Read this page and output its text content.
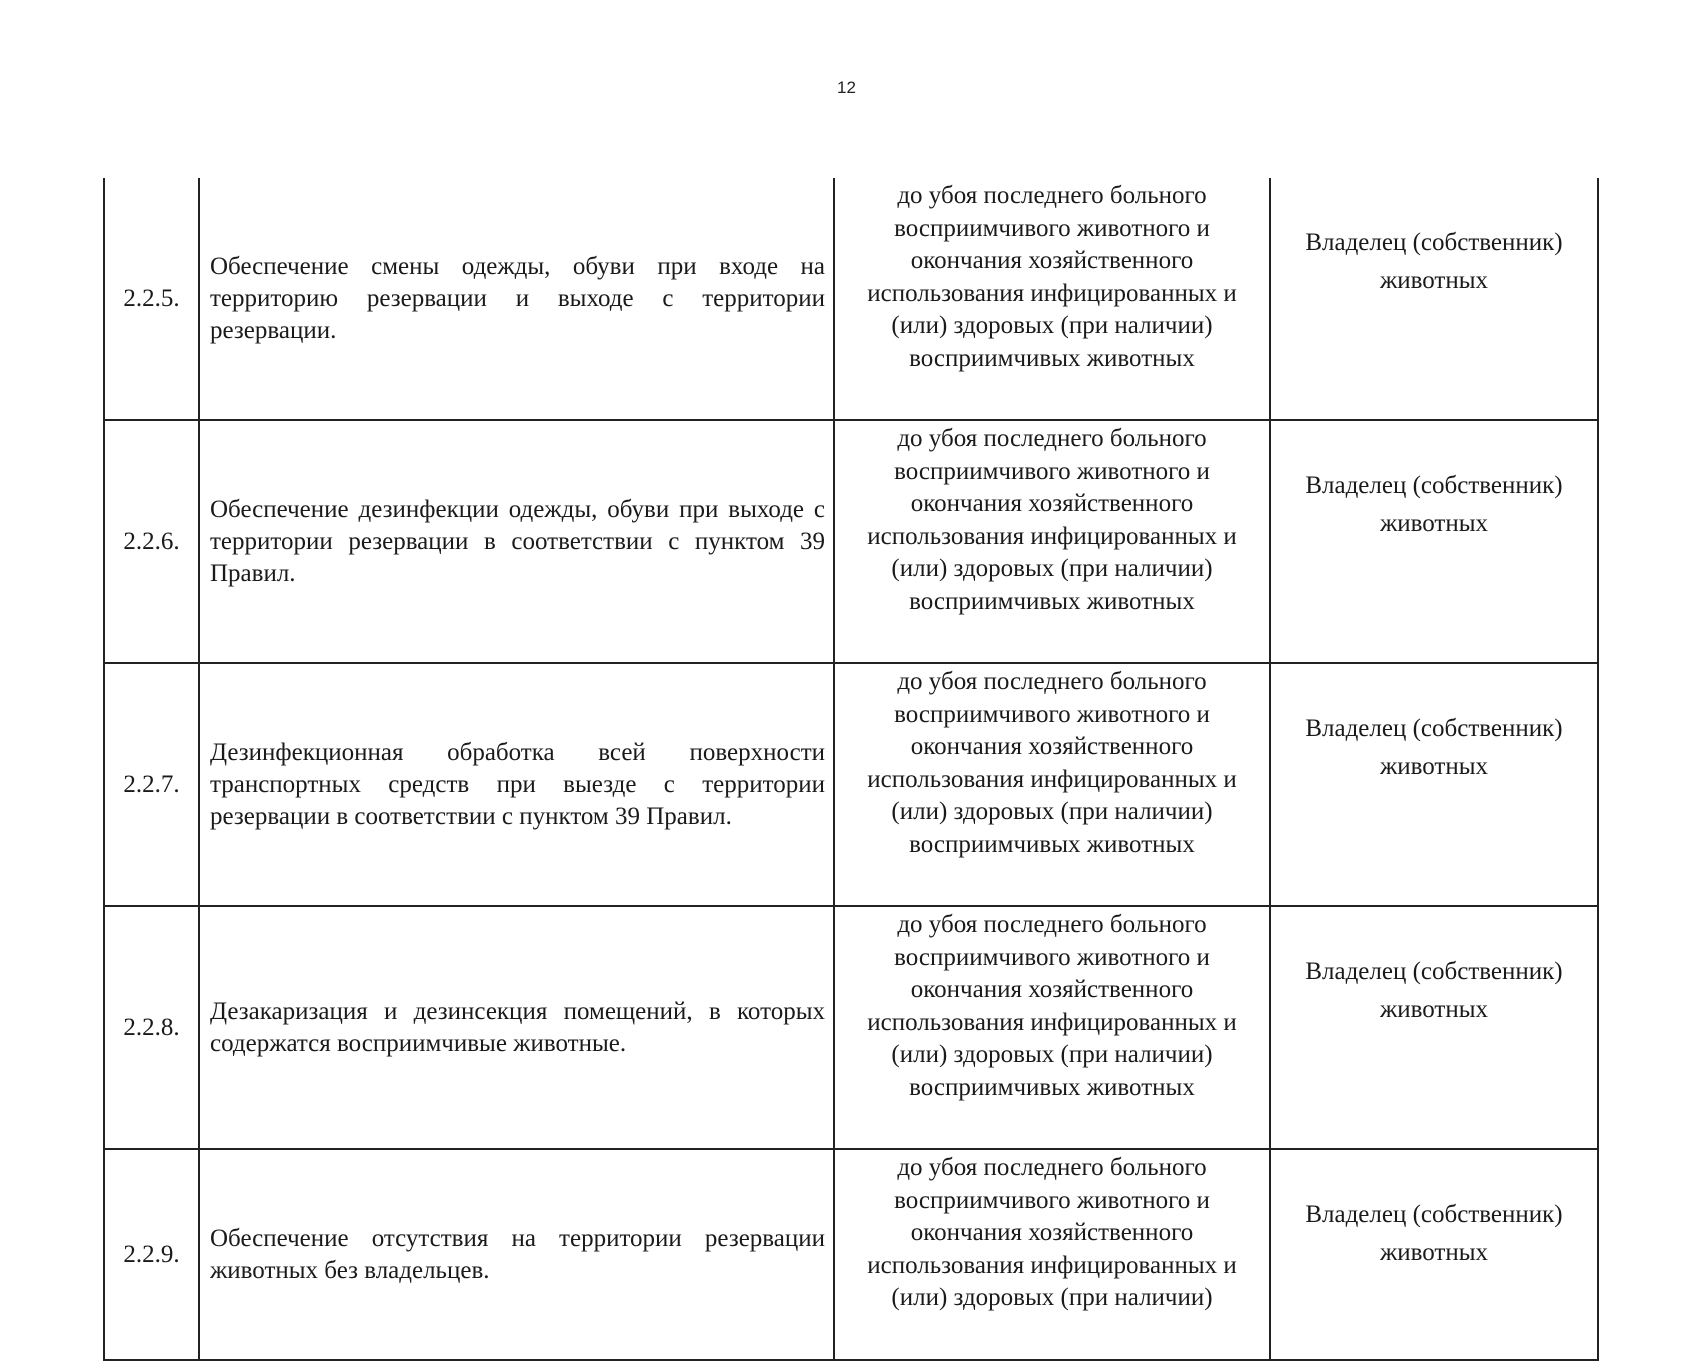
12
2.2.5.	Обеспечение смены одежды, обуви при входе на территорию резервации и выходе с территории резервации.	до убоя последнего больного восприимчивого животного и окончания хозяйственного использования инфицированных и (или) здоровых (при наличии) восприимчивых животных	Владелец (собственник) животных
2.2.6.	Обеспечение дезинфекции одежды, обуви при выходе с территории резервации в соответствии с пунктом 39 Правил.	до убоя последнего больного восприимчивого животного и окончания хозяйственного использования инфицированных и (или) здоровых (при наличии) восприимчивых животных	Владелец (собственник) животных
2.2.7.	Дезинфекционная обработка всей поверхности транспортных средств при выезде с территории резервации в соответствии с пунктом 39 Правил.	до убоя последнего больного восприимчивого животного и окончания хозяйственного использования инфицированных и (или) здоровых (при наличии) восприимчивых животных	Владелец (собственник) животных
2.2.8.	Дезакаризация и дезинсекция помещений, в которых содержатся восприимчивые животные.	до убоя последнего больного восприимчивого животного и окончания хозяйственного использования инфицированных и (или) здоровых (при наличии) восприимчивых животных	Владелец (собственник) животных
2.2.9.	Обеспечение отсутствия на территории резервации животных без владельцев.	до убоя последнего больного восприимчивого животного и окончания хозяйственного использования инфицированных и (или) здоровых (при наличии)	Владелец (собственник) животных
